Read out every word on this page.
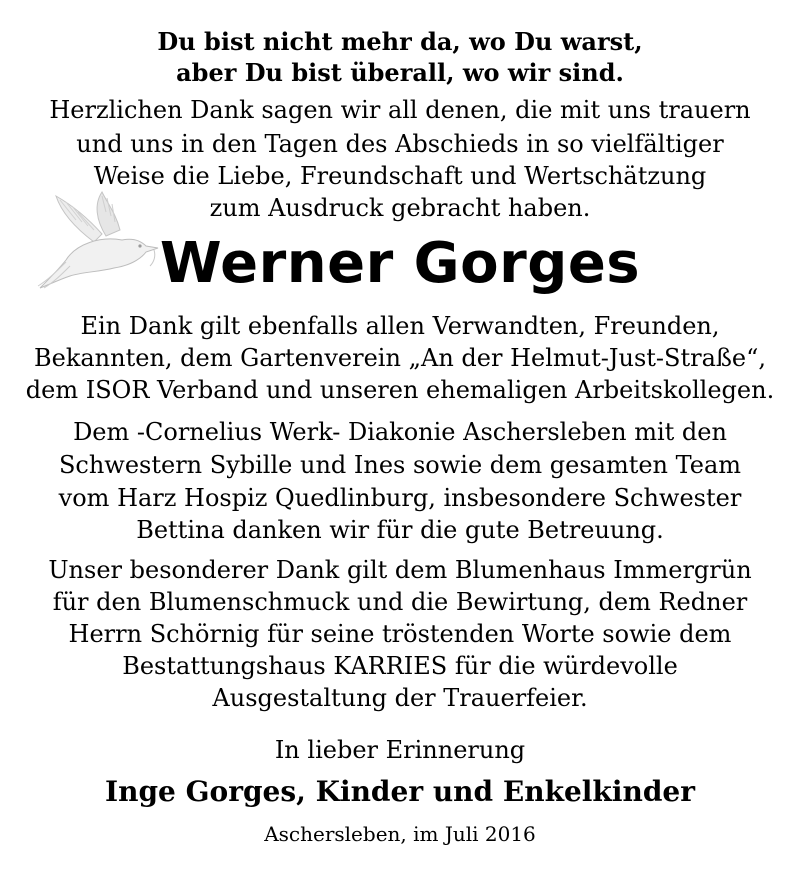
Du bist nicht mehr da, wo Du warst,
aber Du bist überall, wo wir sind.
Herzlichen Dank sagen wir all denen, die mit uns trauern
und uns in den Tagen des Abschieds in so vielfältiger
Weise die Liebe, Freundschaft und Wertschätzung
zum Ausdruck gebracht haben.
Werner Gorges
Ein Dank gilt ebenfalls allen Verwandten, Freunden,
Bekannten, dem Gartenverein „An der Helmut-Just-Straße“,
dem ISOR Verband und unseren ehemaligen Arbeitskollegen.
Dem -Cornelius Werk- Diakonie Aschersleben mit den
Schwestern Sybille und Ines sowie dem gesamten Team
vom Harz Hospiz Quedlinburg, insbesondere Schwester
Bettina danken wir für die gute Betreuung.
Unser besonderer Dank gilt dem Blumenhaus Immergrün
für den Blumenschmuck und die Bewirtung, dem Redner
Herrn Schörnig für seine tröstenden Worte sowie dem
Bestattungshaus KARRIES für die würdevolle
Ausgestaltung der Trauerfeier.
In lieber Erinnerung
Inge Gorges, Kinder und Enkelkinder
Aschersleben, im Juli 2016
